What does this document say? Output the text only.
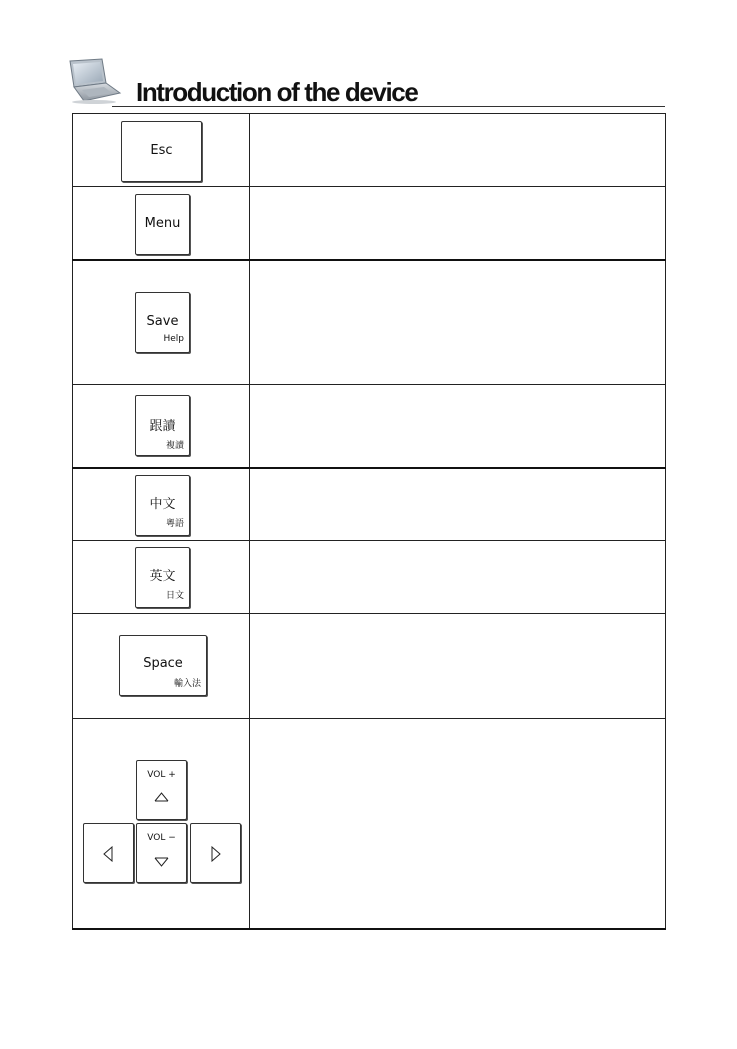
Introduction of the device
Esc	

Menu	

Save
Help	

跟讀
複讀	

中文
粵語	

英文
日文	

Space
輸入法	

VOL +
VOL −	
